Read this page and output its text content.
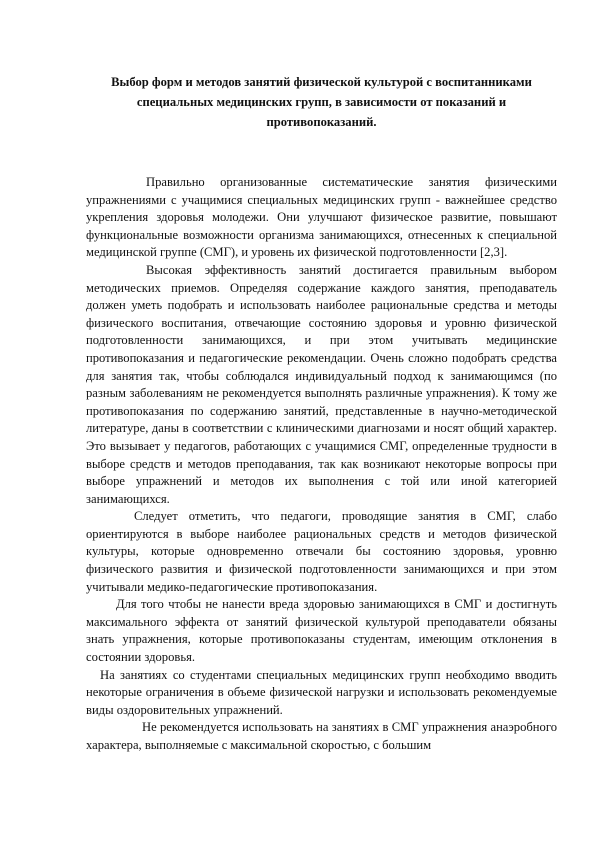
Выбор форм и методов занятий физической культурой с воспитанниками
специальных медицинских групп, в зависимости от показаний и
противопоказаний.

Правильно организованные систематические занятия физическими упражнениями с учащимися специальных медицинских групп - важнейшее средство укрепления здоровья молодежи. Они улучшают физическое развитие, повышают функциональные возможности организма занимающихся, отнесенных к специальной медицинской группе (СМГ), и уровень их физической подготовленности [2,3].

Высокая эффективность занятий достигается правильным выбором методических приемов. Определяя содержание каждого занятия, преподаватель должен уметь подобрать и использовать наиболее рациональные средства и методы физического воспитания, отвечающие состоянию здоровья и уровню физической подготовленности занимающихся, и при этом учитывать медицинские противопоказания и педагогические рекомендации. Очень сложно подобрать средства для занятия так, чтобы соблюдался индивидуальный подход к занимающимся (по разным заболеваниям не рекомендуется выполнять различные упражнения). К тому же противопоказания по содержанию занятий, представленные в научно-методической литературе, даны в соответствии с клиническими диагнозами и носят общий характер. Это вызывает у педагогов, работающих с учащимися СМГ, определенные трудности в выборе средств и методов преподавания, так как возникают некоторые вопросы при выборе упражнений и методов их выполнения с той или иной категорией занимающихся.

Следует отметить, что педагоги, проводящие занятия в СМГ, слабо ориентируются в выборе наиболее рациональных средств и методов физической культуры, которые одновременно отвечали бы состоянию здоровья, уровню физического развития и физической подготовленности занимающихся и при этом учитывали медико-педагогические противопоказания.

Для того чтобы не нанести вреда здоровью занимающихся в СМГ и достигнуть максимального эффекта от занятий физической культурой преподаватели обязаны знать упражнения, которые противопоказаны студентам, имеющим отклонения в состоянии здоровья.

На занятиях со студентами специальных медицинских групп необходимо вводить некоторые ограничения в объеме физической нагрузки и использовать рекомендуемые виды оздоровительных упражнений.

Не рекомендуется использовать на занятиях в СМГ упражнения анаэробного характера, выполняемые с максимальной скоростью, с большим
